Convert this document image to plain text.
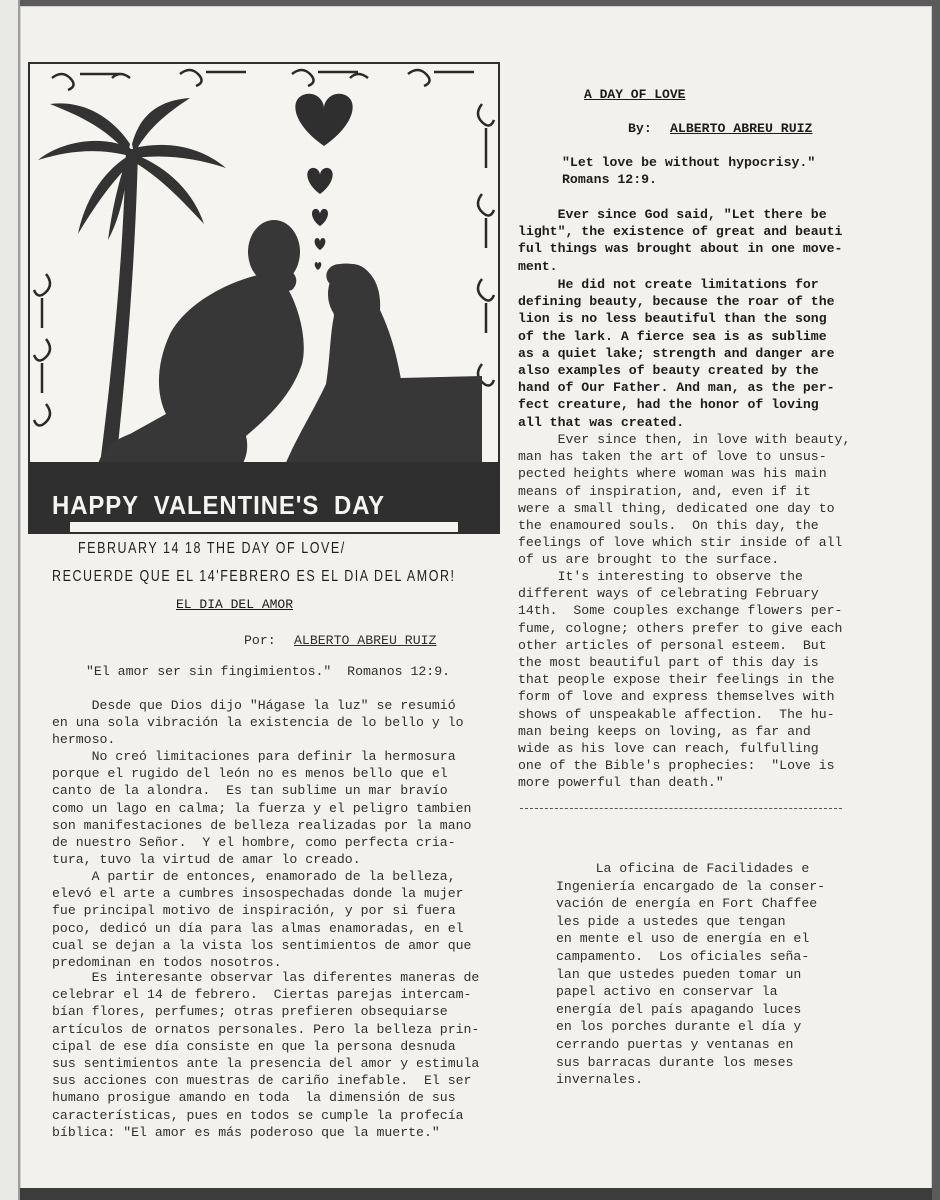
HAPPY VALENTINE'S DAY
FEBRUARY 14 18 THE DAY OF LOVE/
RECUERDE QUE EL 14'FEBRERO ES EL DIA DEL AMOR!
EL DIA DEL AMOR
Por: ALBERTO ABREU RUIZ
"El amor ser sin fingimientos."  Romanos 12:9.
Desde que Dios dijo "Hágase la luz" se resumió
en una sola vibración la existencia de lo bello y lo
hermoso.
No creó limitaciones para definir la hermosura
porque el rugido del león no es menos bello que el
canto de la alondra.  Es tan sublime un mar bravío
como un lago en calma; la fuerza y el peligro tambien
son manifestaciones de belleza realizadas por la mano
de nuestro Señor.  Y el hombre, como perfecta cria-
tura, tuvo la virtud de amar lo creado.
A partir de entonces, enamorado de la belleza,
elevó el arte a cumbres insospechadas donde la mujer
fue principal motivo de inspiración, y por si fuera
poco, dedicó un día para las almas enamoradas, en el
cual se dejan a la vista los sentimientos de amor que
predominan en todos nosotros.
Es interesante observar las diferentes maneras de
celebrar el 14 de febrero.  Ciertas parejas intercam-
bían flores, perfumes; otras prefieren obsequiarse
artículos de ornatos personales. Pero la belleza prin-
cipal de ese día consiste en que la persona desnuda
sus sentimientos ante la presencia del amor y estimula
sus acciones con muestras de cariño inefable.  El ser
humano prosigue amando en toda  la dimensión de sus
características, pues en todos se cumple la profecía
bíblica: "El amor es más poderoso que la muerte."
A DAY OF LOVE
By: ALBERTO ABREU RUIZ
"Let love be without hypocrisy."
Romans 12:9.
Ever since God said, "Let there be
light", the existence of great and beauti
ful things was brought about in one move-
ment.
He did not create limitations for
defining beauty, because the roar of the
lion is no less beautiful than the song
of the lark. A fierce sea is as sublime
as a quiet lake; strength and danger are
also examples of beauty created by the
hand of Our Father. And man, as the per-
fect creature, had the honor of loving
all that was created.
Ever since then, in love with beauty,
man has taken the art of love to unsus-
pected heights where woman was his main
means of inspiration, and, even if it
were a small thing, dedicated one day to
the enamoured souls.  On this day, the
feelings of love which stir inside of all
of us are brought to the surface.
It's interesting to observe the
different ways of celebrating February
14th.  Some couples exchange flowers per-
fume, cologne; others prefer to give each
other articles of personal esteem.  But
the most beautiful part of this day is
that people expose their feelings in the
form of love and express themselves with
shows of unspeakable affection.  The hu-
man being keeps on loving, as far and
wide as his love can reach, fulfulling
one of the Bible's prophecies:  "Love is
more powerful than death."
La oficina de Facilidades e
Ingeniería encargado de la conser-
vación de energía en Fort Chaffee
les pide a ustedes que tengan
en mente el uso de energía en el
campamento.  Los oficiales seña-
lan que ustedes pueden tomar un
papel activo en conservar la
energía del país apagando luces
en los porches durante el día y
cerrando puertas y ventanas en
sus barracas durante los meses
invernales.
